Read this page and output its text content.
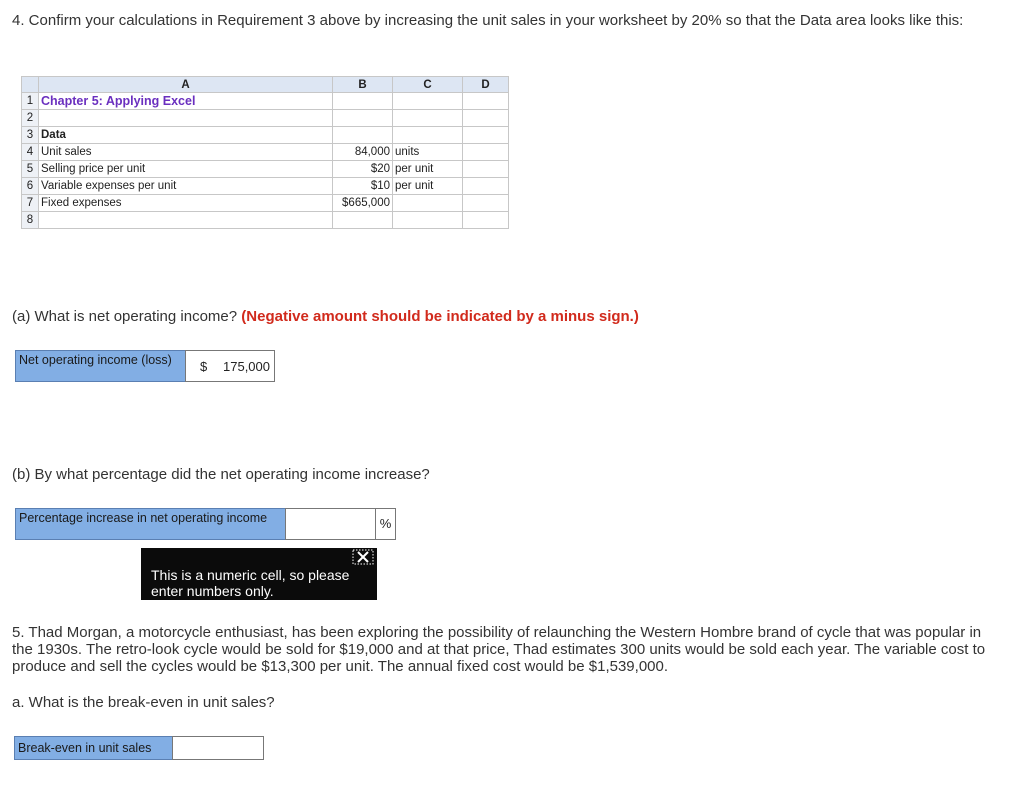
4. Confirm your calculations in Requirement 3 above by increasing the unit sales in your worksheet by 20% so that the Data area looks like this:
	A	B	C	D
1	Chapter 5: Applying Excel			
2				
3	Data			
4	Unit sales	84,000	units	
5	Selling price per unit	$20	per unit	
6	Variable expenses per unit	$10	per unit	
7	Fixed expenses	$665,000		
8				
(a) What is net operating income? (Negative amount should be indicated by a minus sign.)
Net operating income (loss)	$ 175,000
(b) By what percentage did the net operating income increase?
Percentage increase in net operating income	%
This is a numeric cell, so please enter numbers only.
5. Thad Morgan, a motorcycle enthusiast, has been exploring the possibility of relaunching the Western Hombre brand of cycle that was popular in the 1930s. The retro-look cycle would be sold for $19,000 and at that price, Thad estimates 300 units would be sold each year. The variable cost to produce and sell the cycles would be $13,300 per unit. The annual fixed cost would be $1,539,000.
a. What is the break-even in unit sales?
Break-even in unit sales
